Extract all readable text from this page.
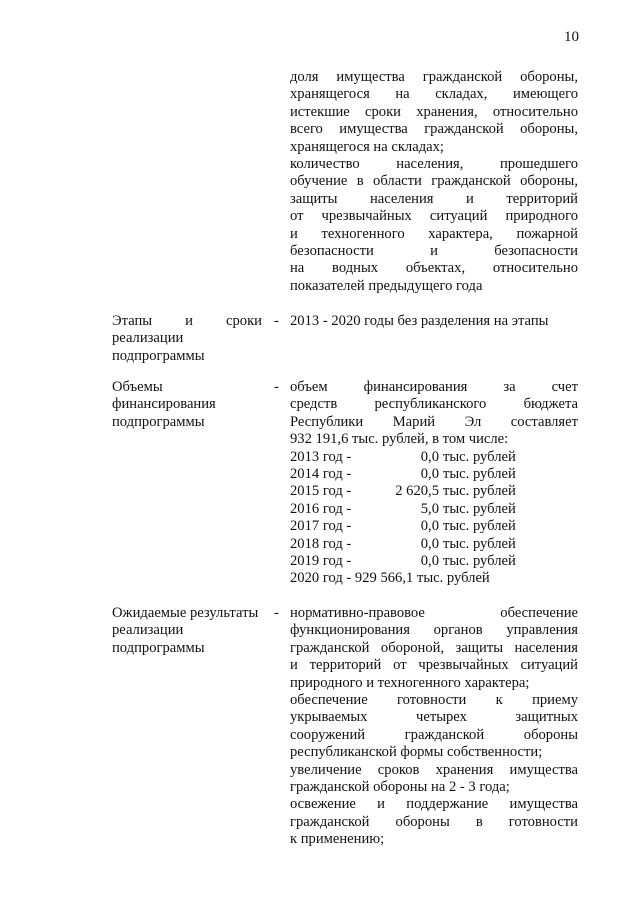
10

доля имущества гражданской обороны,

хранящегося на складах, имеющего

истекшие сроки хранения, относительно

всего имущества гражданской обороны,

хранящегося на складах;

количество населения, прошедшего

обучение в области гражданской обороны,

защиты населения и территорий

от чрезвычайных ситуаций природного

и техногенного характера, пожарной

безопасности и безопасности

на водных объектах, относительно

показателей предыдущего года

Этапы и сроки

реализации

подпрограммы

- 2013 - 2020 годы без разделения на этапы

Объемы

финансирования

подпрограммы

- объем финансирования за счет

средств республиканского бюджета

Республики Марий Эл составляет

932 191,6 тыс. рублей, в том числе:

2013 год -	0,0 тыс. рублей
2014 год -	0,0 тыс. рублей
2015 год -	2 620,5 тыс. рублей
2016 год -	5,0 тыс. рублей
2017 год -	0,0 тыс. рублей
2018 год -	0,0 тыс. рублей
2019 год -	0,0 тыс. рублей
2020 год - 929 566,1 тыс. рублей

Ожидаемые результаты

реализации

подпрограммы

- нормативно-правовое обеспечение

функционирования органов управления

гражданской обороной, защиты населения

и территорий от чрезвычайных ситуаций

природного и техногенного характера;

обеспечение готовности к приему

укрываемых четырех защитных

сооружений гражданской обороны

республиканской формы собственности;

увеличение сроков хранения имущества

гражданской обороны на 2 - 3 года;

освежение и поддержание имущества

гражданской обороны в готовности

к применению;
